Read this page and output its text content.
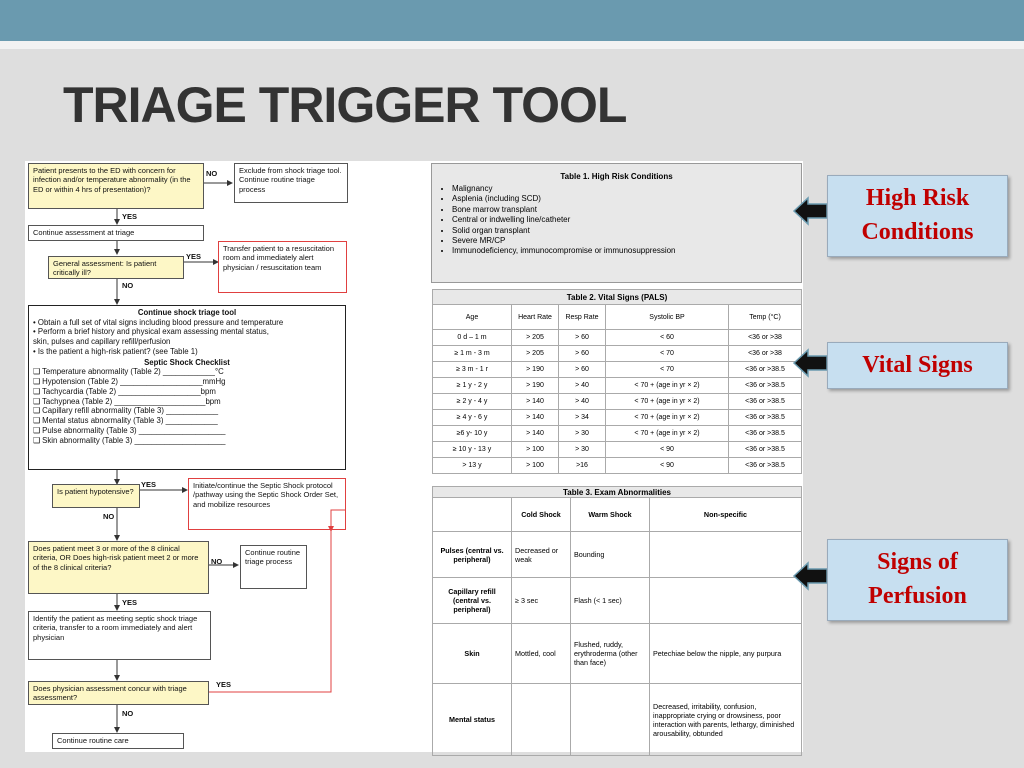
TRIAGE TRIGGER TOOL
Patient presents to the ED with concern for infection and/or temperature abnormality (in the ED or within 4 hrs of presentation)?
NO	Exclude from shock triage tool. Continue routine triage process
YES
Continue assessment at triage
General assessment: Is patient critically ill?
YES
Transfer patient to a resuscitation room and immediately alert physician / resuscitation team
NO
Continue shock triage tool
• Obtain a full set of vital signs including blood pressure and temperature
• Perform a brief history and physical exam assessing mental status,
skin, pulses and capillary refill/perfusion
• Is the patient a high-risk patient? (see Table 1)
Septic Shock Checklist
❑ Temperature abnormality (Table 2) ____________°C
❑ Hypotension (Table 2) ___________________mmHg
❑ Tachycardia (Table 2) ___________________bpm
❑ Tachypnea (Table 2) _____________________bpm
❑ Capillary refill abnormality (Table 3) ____________
❑ Mental status abnormality (Table 3) ____________
❑ Pulse abnormality (Table 3) ____________________
❑ Skin abnormality (Table 3) _____________________
Is patient hypotensive?
YES	Initiate/continue the Septic Shock protocol /pathway using the Septic Shock Order Set, and mobilize resources
NO
Does patient meet 3 or more of the 8 clinical criteria, OR Does high-risk patient meet 2 or more of the 8 clinical criteria?
NO
Continue routine triage process
YES
Identify the patient as meeting septic shock triage criteria, transfer to a room immediately and alert physician
Does physician assessment concur with triage assessment?
YES
NO
Continue routine care
Table 1. High Risk Conditions
• Malignancy
• Asplenia (including SCD)
• Bone marrow transplant
• Central or indwelling line/catheter
• Solid organ transplant
• Severe MR/CP
• Immunodeficiency, immunocompromise or immunosuppression
Table 2. Vital Signs (PALS)				
Age	Heart Rate	Resp Rate	Systolic BP	Temp (°C)
0 d – 1 m	> 205	> 60	< 60	<36 or >38
≥ 1 m - 3 m	> 205	> 60	< 70	<36 or >38
≥ 3 m - 1 r	> 190	> 60	< 70	<36 or >38.5
≥ 1 y - 2 y	> 190	> 40	< 70 + (age in yr × 2)	<36 or >38.5
≥ 2 y - 4 y	> 140	> 40	< 70 + (age in yr × 2)	<36 or >38.5
≥ 4 y - 6 y	> 140	> 34	< 70 + (age in yr × 2)	<36 or >38.5
≥6 y- 10 y	> 140	> 30	< 70 + (age in yr × 2)	<36 or >38.5
≥ 10 y - 13 y	> 100	> 30	< 90	<36 or >38.5
> 13 y	> 100	>16	< 90	<36 or >38.5
Table 3. Exam Abnormalities			
	Cold Shock	Warm Shock	Non-specific
Pulses (central vs. peripheral)	Decreased or weak	Bounding	
Capillary refill (central vs. peripheral)	≥ 3 sec	Flash (< 1 sec)	
Skin	Mottled, cool	Flushed, ruddy, erythroderma (other than face)	Petechiae below the nipple, any purpura
Mental status			Decreased, irritability, confusion, inappropriate crying or drowsiness, poor interaction with parents, lethargy, diminished arousability, obtunded
High Risk Conditions
Vital Signs
Signs of Perfusion
